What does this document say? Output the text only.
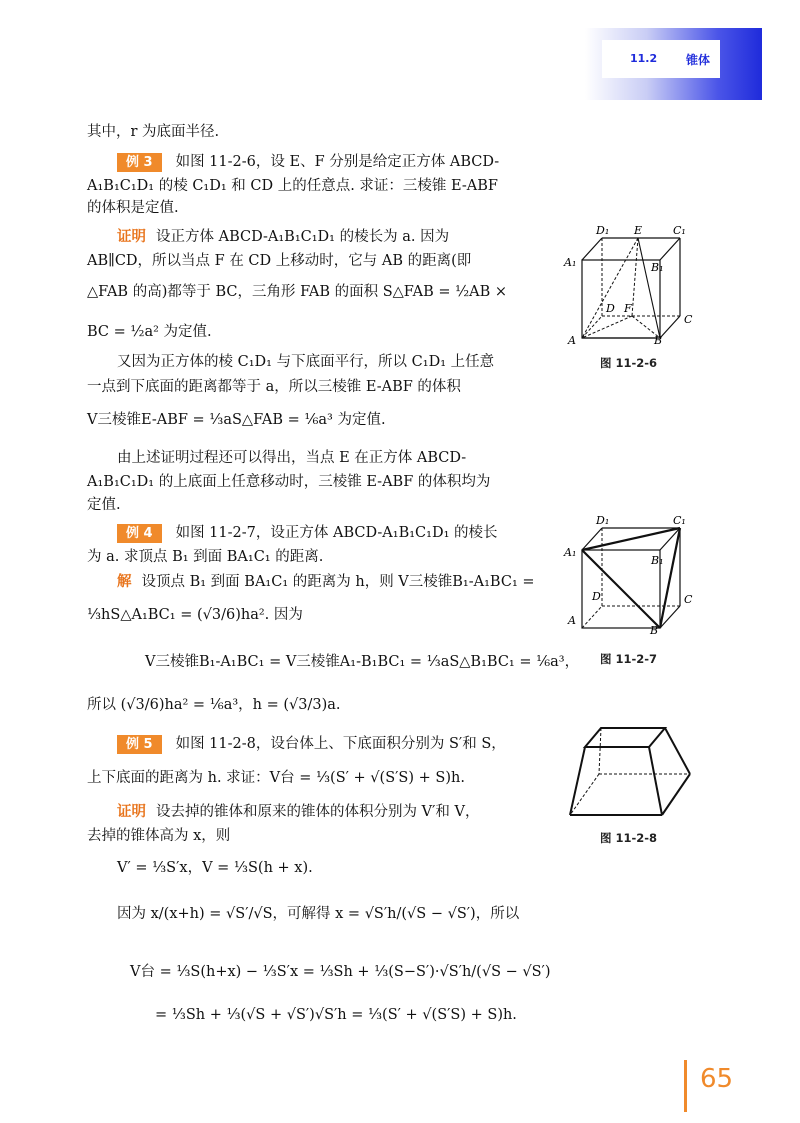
11.2 锥体
其中，r 为底面半径.
例 3 如图 11-2-6，设 E、F 分别是给定正方体 ABCD-
A₁B₁C₁D₁ 的棱 C₁D₁ 和 CD 上的任意点. 求证：三棱锥 E-ABF
的体积是定值.
证明 设正方体 ABCD-A₁B₁C₁D₁ 的棱长为 a. 因为
AB∥CD，所以当点 F 在 CD 上移动时，它与 AB 的距离(即
△FAB 的高)都等于 BC，三角形 FAB 的面积 S△FAB = ½AB ×
BC = ½a² 为定值.
又因为正方体的棱 C₁D₁ 与下底面平行，所以 C₁D₁ 上任意
一点到下底面的距离都等于 a，所以三棱锥 E-ABF 的体积
V三棱锥E-ABF = ⅓aS△FAB = ⅙a³ 为定值.
由上述证明过程还可以得出，当点 E 在正方体 ABCD-
A₁B₁C₁D₁ 的上底面上任意移动时，三棱锥 E-ABF 的体积均为
定值.
例 4 如图 11-2-7，设正方体 ABCD-A₁B₁C₁D₁ 的棱长
为 a. 求顶点 B₁ 到面 BA₁C₁ 的距离.
解 设顶点 B₁ 到面 BA₁C₁ 的距离为 h，则 V三棱锥B₁-A₁BC₁ =
⅓hS△A₁BC₁ = (√3/6)ha². 因为
V三棱锥B₁-A₁BC₁ = V三棱锥A₁-B₁BC₁ = ⅓aS△B₁BC₁ = ⅙a³，
所以 (√3/6)ha² = ⅙a³，h = (√3/3)a.
例 5 如图 11-2-8，设台体上、下底面积分别为 S′和 S，
上下底面的距离为 h. 求证：V台 = ⅓(S′ + √(S′S) + S)h.
证明 设去掉的锥体和原来的锥体的体积分别为 V′和 V，
去掉的锥体高为 x，则
V′ = ⅓S′x，V = ⅓S(h + x).
因为 x/(x+h) = √S′/√S，可解得 x = √S′h/(√S − √S′)，所以
V台 = ⅓S(h+x) − ⅓S′x = ⅓Sh + ⅓(S−S′)·√S′h/(√S − √S′)
= ⅓Sh + ⅓(√S + √S′)√S′h = ⅓(S′ + √(S′S) + S)h.
D₁ E	C₁
A₁	B₁
D F
C
A	B
图 11-2-6
D₁	C₁
A₁
B₁
D	C
A
B
图 11-2-7
图 11-2-8
65
